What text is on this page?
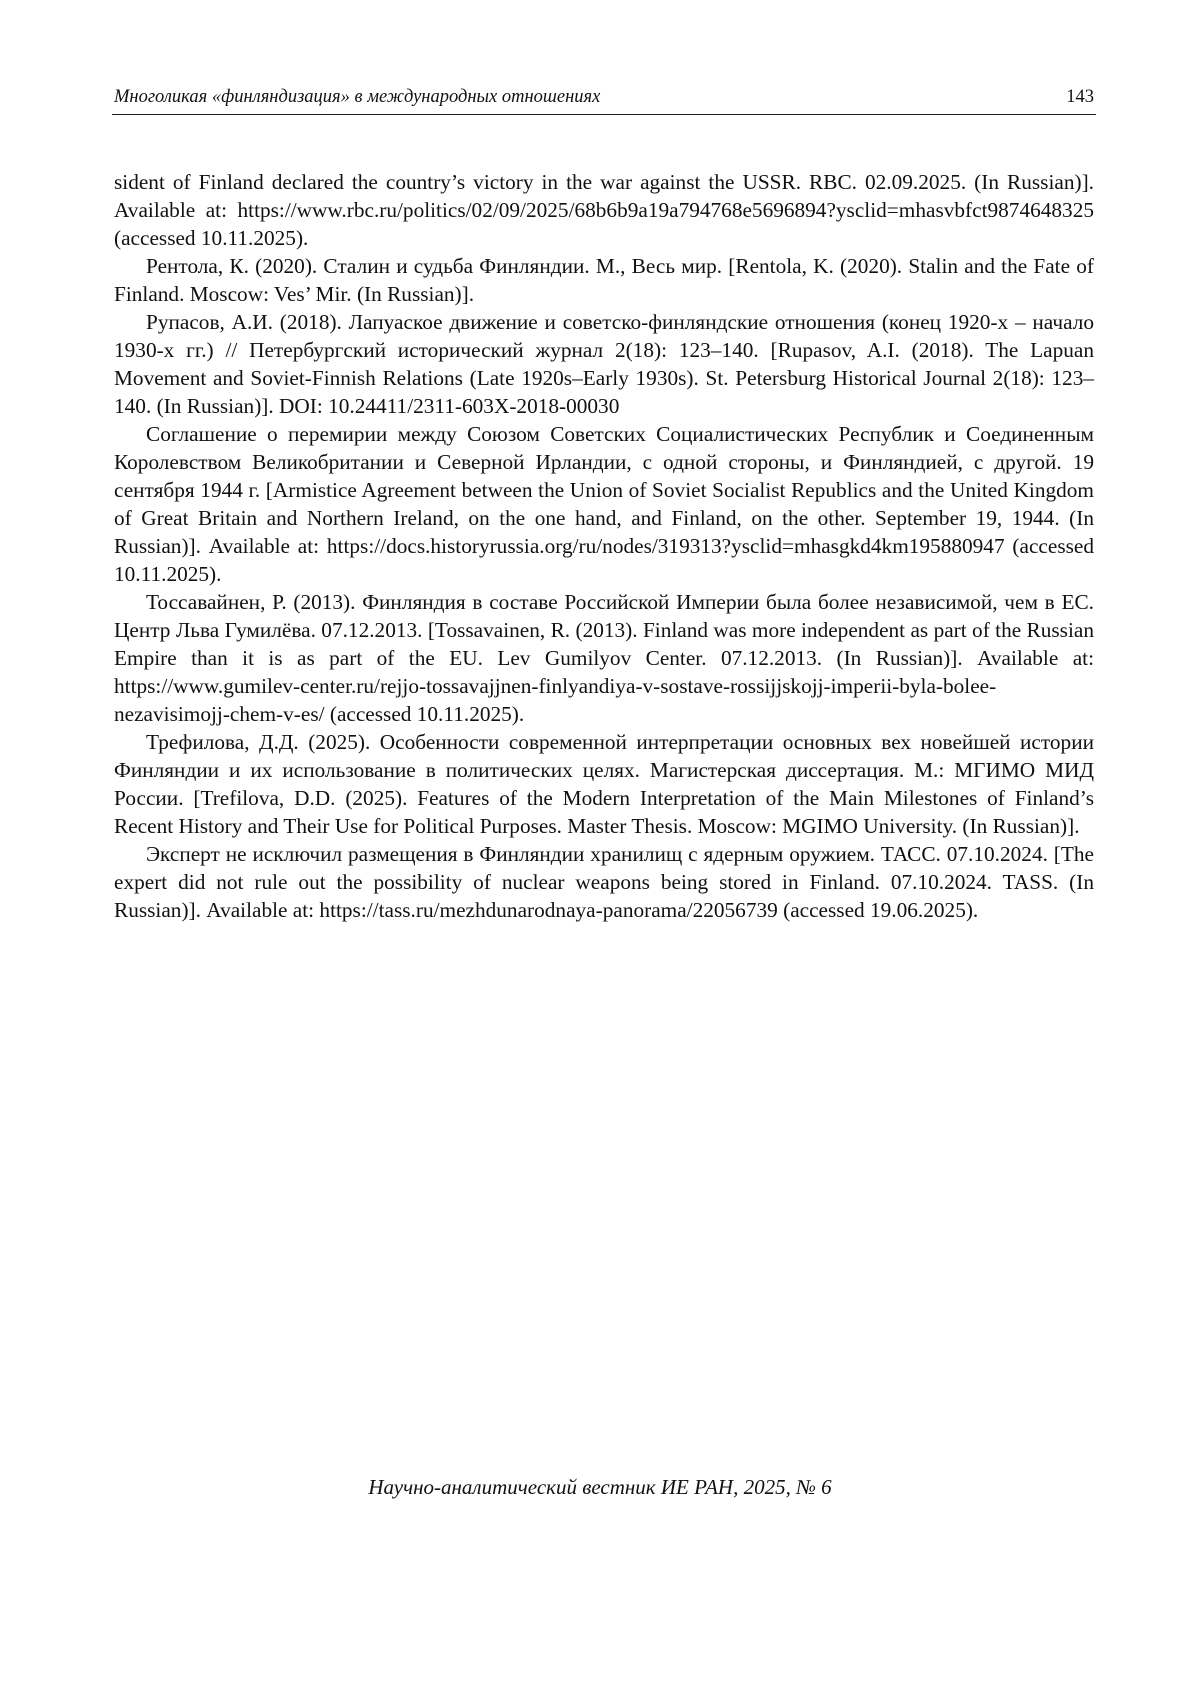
Многоликая «финляндизация» в международных отношениях	143

sident of Finland declared the country’s victory in the war against the USSR. RBC. 02.09.2025. (In Russian)]. Available at: https://www.rbc.ru/politics/02/09/2025/68b6b9a19a794768e5696894?ysclid=mhasvbfct9874648325 (accessed 10.11.2025).

Рентола, К. (2020). Сталин и судьба Финляндии. М., Весь мир. [Rentola, K. (2020). Stalin and the Fate of Finland. Moscow: Ves’ Mir. (In Russian)].

Рупасов, А.И. (2018). Лапуаское движение и советско-финляндские отношения (конец 1920-х – начало 1930-х гг.) // Петербургский исторический журнал 2(18): 123–140. [Rupasov, A.I. (2018). The Lapuan Movement and Soviet-Finnish Relations (Late 1920s–Early 1930s). St. Petersburg Historical Journal 2(18): 123–140. (In Russian)]. DOI: 10.24411/2311-603X-2018-00030

Соглашение о перемирии между Союзом Советских Социалистических Республик и Соединенным Королевством Великобритании и Северной Ирландии, с одной стороны, и Финляндией, с другой. 19 сентября 1944 г. [Armistice Agreement between the Union of Soviet Socialist Republics and the United Kingdom of Great Britain and Northern Ireland, on the one hand, and Finland, on the other. September 19, 1944. (In Russian)]. Available at: https://docs.historyrussia.org/ru/nodes/319313?ysclid=mhasgkd4km195880947 (accessed 10.11.2025).

Тоссавайнен, Р. (2013). Финляндия в составе Российской Империи была более независимой, чем в ЕС. Центр Льва Гумилёва. 07.12.2013. [Tossavainen, R. (2013). Finland was more independent as part of the Russian Empire than it is as part of the EU. Lev Gumilyov Center. 07.12.2013. (In Russian)]. Available at: https://www.gumilev-center.ru/rejjo-tossavajjnen-finlyandiya-v-sostave-rossijjskojj-imperii-byla-bolee-nezavisimojj-chem-v-es/ (accessed 10.11.2025).

Трефилова, Д.Д. (2025). Особенности современной интерпретации основных вех новейшей истории Финляндии и их использование в политических целях. Магистерская диссертация. М.: МГИМО МИД России. [Trefilova, D.D. (2025). Features of the Modern Interpretation of the Main Milestones of Finland’s Recent History and Their Use for Political Purposes. Master Thesis. Moscow: MGIMO University. (In Russian)].

Эксперт не исключил размещения в Финляндии хранилищ с ядерным оружием. ТАСС. 07.10.2024. [The expert did not rule out the possibility of nuclear weapons being stored in Finland. 07.10.2024. TASS. (In Russian)]. Available at: https://tass.ru/mezhdunarodnaya-panorama/22056739 (accessed 19.06.2025).

Научно-аналитический вестник ИЕ РАН, 2025, № 6
